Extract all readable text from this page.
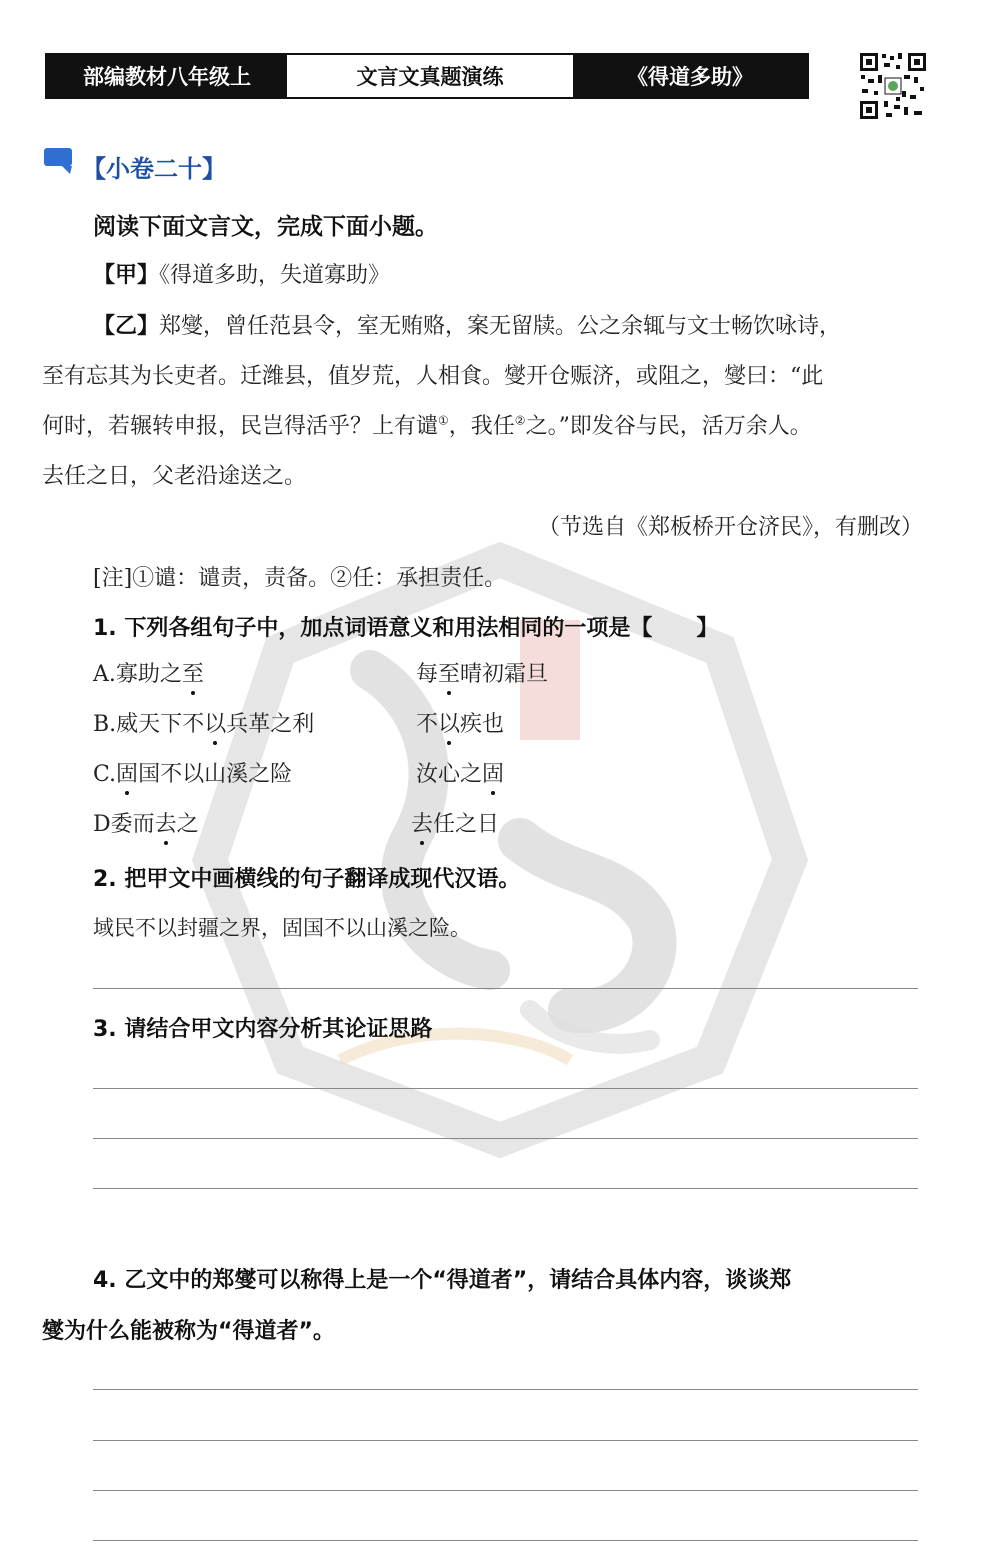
部编教材八年级上	文言文真题演练	《得道多助》
【小卷二十】
阅读下面文言文，完成下面小题。
【甲】《得道多助，失道寡助》
【乙】郑燮，曾任范县令，室无贿赂，案无留牍。公之余辄与文士畅饮咏诗，
至有忘其为长吏者。迁潍县，值岁荒，人相食。燮开仓赈济，或阻之，燮曰：“此
何时，若辗转申报，民岂得活乎？上有谴①，我任②之。”即发谷与民，活万余人。
去任之日，父老沿途送之。
（节选自《郑板桥开仓济民》，有删改）
[注]①谴：谴责，责备。②任：承担责任。
1. 下列各组句子中，加点词语意义和用法相同的一项是【　　】
A.寡助之至	每至晴初霜旦
B.威天下不以兵革之利	不以疾也
C.固国不以山溪之险	汝心之固
D委而去之	去任之日
2. 把甲文中画横线的句子翻译成现代汉语。
域民不以封疆之界，固国不以山溪之险。
3. 请结合甲文内容分析其论证思路
4. 乙文中的郑燮可以称得上是一个“得道者”，请结合具体内容，谈谈郑
燮为什么能被称为“得道者”。
